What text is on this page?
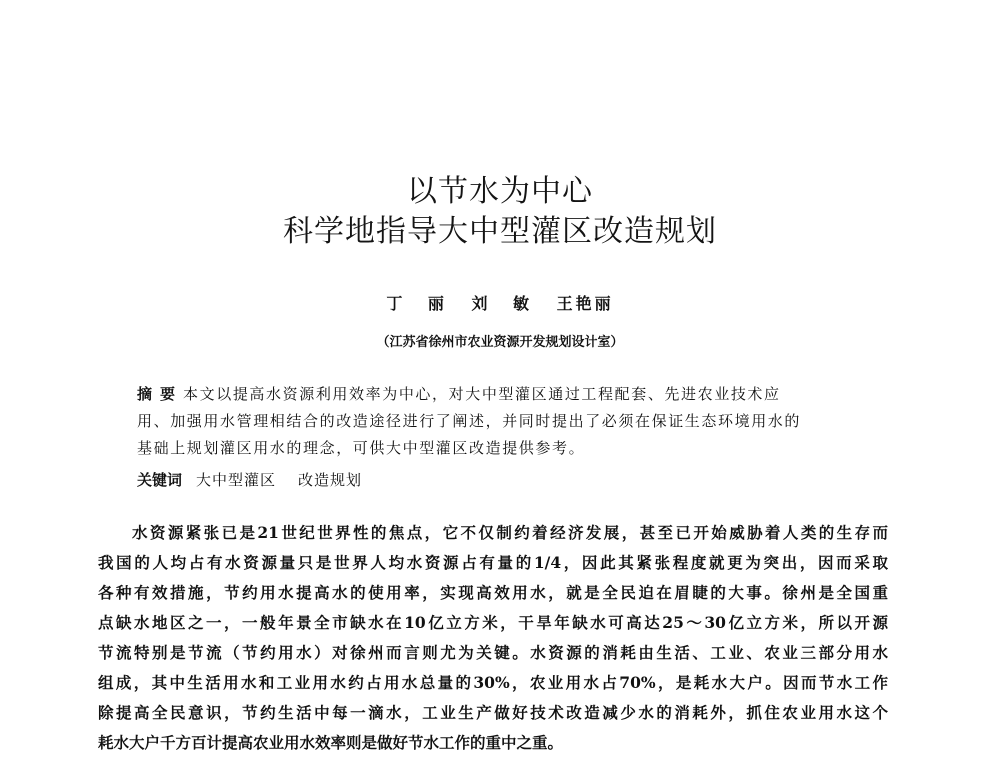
以节水为中心
科学地指导大中型灌区改造规划
丁 丽 刘 敏 王艳丽
（江苏省徐州市农业资源开发规划设计室）
摘要本文以提高水资源利用效率为中心，对大中型灌区通过工程配套、先进农业技术应
用、加强用水管理相结合的改造途径进行了阐述，并同时提出了必须在保证生态环境用水的
基础上规划灌区用水的理念，可供大中型灌区改造提供参考。
关键词 大中型灌区 改造规划
水资源紧张已是21世纪世界性的焦点，它不仅制约着经济发展，甚至已开始威胁着人类的生存而
我国的人均占有水资源量只是世界人均水资源占有量的1/4，因此其紧张程度就更为突出，因而采取
各种有效措施，节约用水提高水的使用率，实现高效用水，就是全民迫在眉睫的大事。徐州是全国重
点缺水地区之一，一般年景全市缺水在10亿立方米，干旱年缺水可高达25～30亿立方米，所以开源
节流特别是节流（节约用水）对徐州而言则尤为关键。水资源的消耗由生活、工业、农业三部分用水
组成，其中生活用水和工业用水约占用水总量的30%，农业用水占70%，是耗水大户。因而节水工作
除提高全民意识，节约生活中每一滴水，工业生产做好技术改造减少水的消耗外，抓住农业用水这个
耗水大户千方百计提高农业用水效率则是做好节水工作的重中之重。
